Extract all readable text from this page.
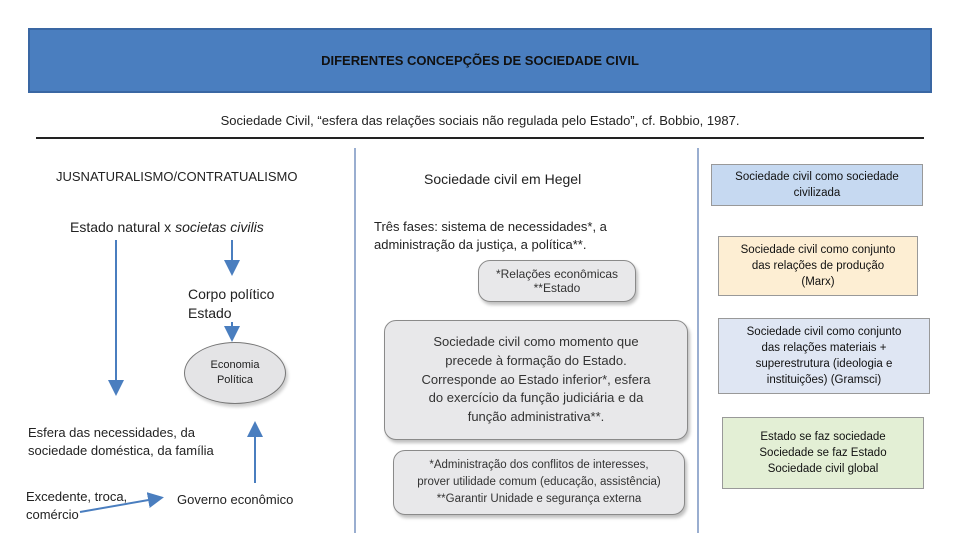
DIFERENTES CONCEPÇÕES DE SOCIEDADE CIVIL
Sociedade Civil, “esfera das relações sociais não regulada pelo Estado”, cf. Bobbio, 1987.
JUSNATURALISMO/CONTRATUALISMO
Estado natural x societas civilis
Corpo político
Estado
Economia
Política
Esfera das necessidades, da
sociedade doméstica, da família
Excedente, troca,
comércio
Governo econômico
Sociedade civil em Hegel
Três fases: sistema de necessidades*, a
administração da justiça, a política**.
*Relações econômicas
**Estado
Sociedade civil como momento que
precede à formação do Estado.
Corresponde ao Estado inferior*, esfera
do exercício da função judiciária e da
função administrativa**.
*Administração dos conflitos de interesses,
prover utilidade comum (educação, assistência)
**Garantir Unidade e segurança externa
Sociedade civil como sociedade
civilizada
Sociedade civil como conjunto
das relações de produção
(Marx)
Sociedade civil como conjunto
das relações materiais +
superestrutura (ideologia e
instituições) (Gramsci)
Estado se faz sociedade
Sociedade se faz Estado
Sociedade civil global
